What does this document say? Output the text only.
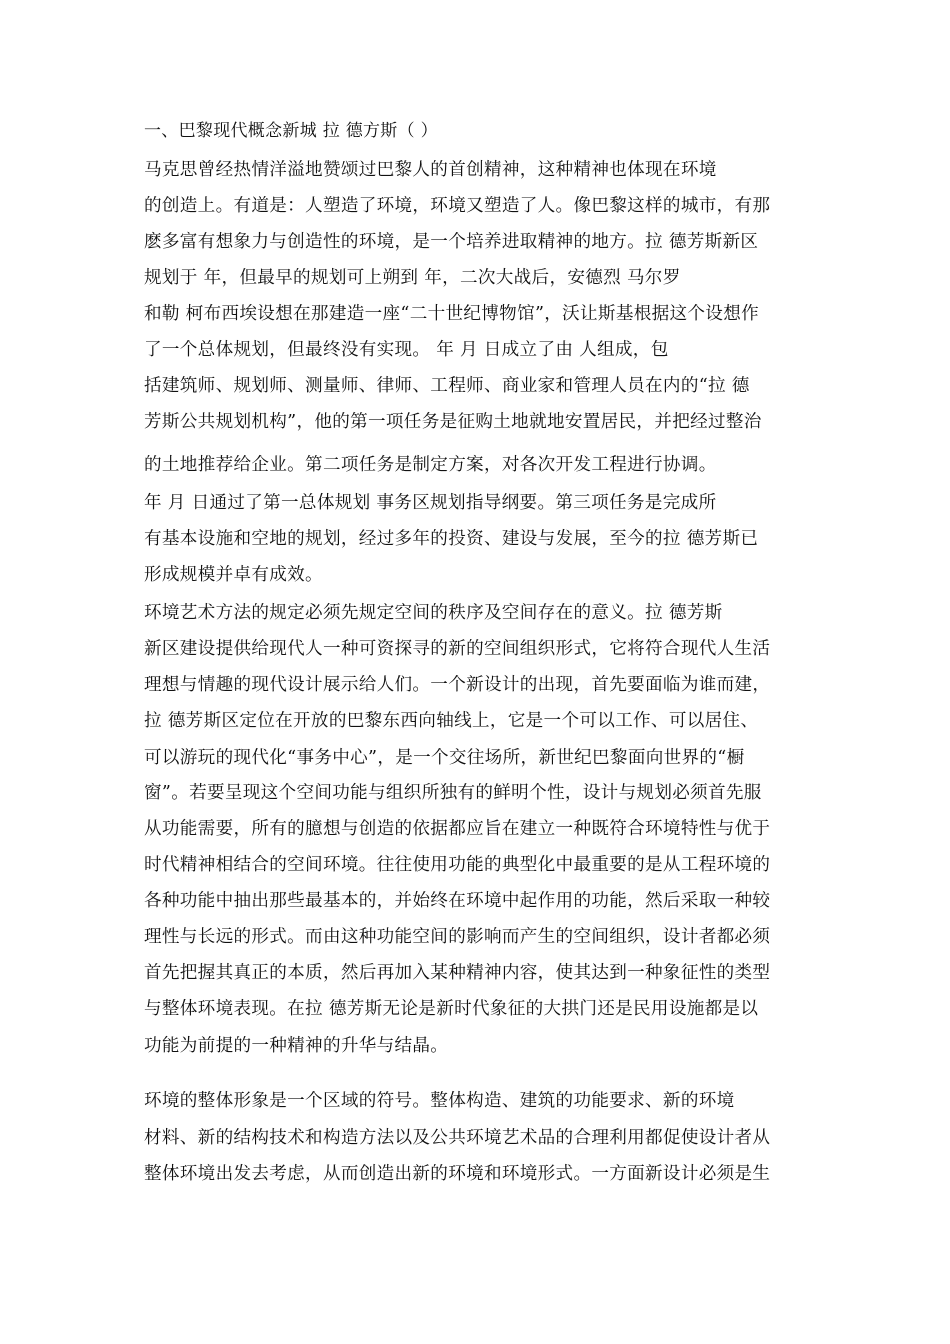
一、巴黎现代概念新城 拉 德方斯（ ）
马克思曾经热情洋溢地赞颂过巴黎人的首创精神，这种精神也体现在环境
的创造上。有道是：人塑造了环境，环境又塑造了人。像巴黎这样的城市，有那
麽多富有想象力与创造性的环境，是一个培养进取精神的地方。拉 德芳斯新区
规划于 年，但最早的规划可上朔到 年，二次大战后，安德烈 马尔罗
和勒 柯布西埃设想在那建造一座“二十世纪博物馆”，沃让斯基根据这个设想作
了一个总体规划，但最终没有实现。 年 月 日成立了由 人组成，包
括建筑师、规划师、测量师、律师、工程师、商业家和管理人员在内的“拉 德
芳斯公共规划机构”，他的第一项任务是征购土地就地安置居民，并把经过整治
的土地推荐给企业。第二项任务是制定方案，对各次开发工程进行协调。
年 月 日通过了第一总体规划 事务区规划指导纲要。第三项任务是完成所
有基本设施和空地的规划，经过多年的投资、建设与发展，至今的拉 德芳斯已
形成规模并卓有成效。
环境艺术方法的规定必须先规定空间的秩序及空间存在的意义。拉 德芳斯
新区建设提供给现代人一种可资探寻的新的空间组织形式，它将符合现代人生活
理想与情趣的现代设计展示给人们。一个新设计的出现，首先要面临为谁而建，
拉 德芳斯区定位在开放的巴黎东西向轴线上，它是一个可以工作、可以居住、
可以游玩的现代化“事务中心”，是一个交往场所，新世纪巴黎面向世界的“橱
窗”。若要呈现这个空间功能与组织所独有的鲜明个性，设计与规划必须首先服
从功能需要，所有的臆想与创造的依据都应旨在建立一种既符合环境特性与优于
时代精神相结合的空间环境。往往使用功能的典型化中最重要的是从工程环境的
各种功能中抽出那些最基本的，并始终在环境中起作用的功能，然后采取一种较
理性与长远的形式。而由这种功能空间的影响而产生的空间组织，设计者都必须
首先把握其真正的本质，然后再加入某种精神内容，使其达到一种象征性的类型
与整体环境表现。在拉 德芳斯无论是新时代象征的大拱门还是民用设施都是以
功能为前提的一种精神的升华与结晶。
环境的整体形象是一个区域的符号。整体构造、建筑的功能要求、新的环境
材料、新的结构技术和构造方法以及公共环境艺术品的合理利用都促使设计者从
整体环境出发去考虑，从而创造出新的环境和环境形式。一方面新设计必须是生
